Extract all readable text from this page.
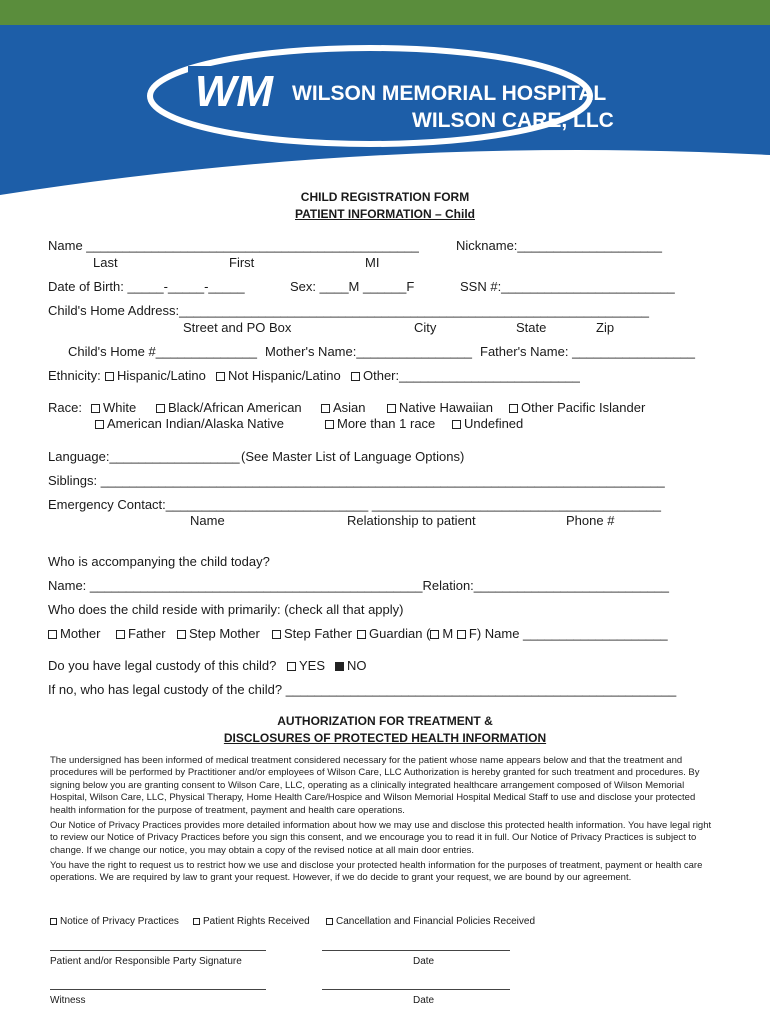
WM WILSON MEMORIAL HOSPITAL
WILSON CARE, LLC
CHILD REGISTRATION FORM
PATIENT INFORMATION – Child
Name ______________________________________________	Nickname:____________________
Last	First	MI
Date of Birth: _____-_____-_____	Sex: ____M ______F	SSN #:________________________
Child's Home Address:_________________________________________________________________
Street and PO Box	City	State	Zip
Child's Home #______________ Mother's Name:________________ Father's Name: _________________
Ethnicity:	Hispanic/Latino	Not Hispanic/Latino	Other:_________________________
Race:	White	Black/African American	Asian	Native Hawaiian	Other Pacific Islander
American Indian/Alaska Native	More than 1 race	Undefined
Language:__________________ (See Master List of Language Options)
Siblings: ______________________________________________________________________________
Emergency Contact:____________________________ ________________________________________
Name	Relationship to patient	Phone #
Who is accompanying the child today?
Name: ______________________________________________Relation:___________________________
Who does the child reside with primarily: (check all that apply)
Mother	Father	Step Mother	Step Father	Guardian ( M F) Name ____________________
Do you have legal custody of this child?	YES	NO
If no, who has legal custody of the child? ______________________________________________________
AUTHORIZATION FOR TREATMENT &
DISCLOSURES OF PROTECTED HEALTH INFORMATION

The undersigned has been informed of medical treatment considered necessary for the patient whose name appears below and that the treatment and procedures will be performed by Practitioner and/or employees of Wilson Care, LLC Authorization is hereby granted for such treatment and procedures. By signing below you are granting consent to Wilson Care, LLC, operating as a clinically integrated healthcare arrangement composed of Wilson Memorial Hospital, Wilson Care, LLC, Physical Therapy, Home Health Care/Hospice and Wilson Memorial Hospital Medical Staff to use and disclose your protected health information for the purpose of treatment, payment and health care operations.

Our Notice of Privacy Practices provides more detailed information about how we may use and disclose this protected health information. You have legal right to review our Notice of Privacy Practices before you sign this consent, and we encourage you to read it in full. Our Notice of Privacy Practices is subject to change. If we change our notice, you may obtain a copy of the revised notice at all main door entries.

You have the right to request us to restrict how we use and disclose your protected health information for the purposes of treatment, payment or health care operations. We are required by law to grant your request. However, if we do decide to grant your request, we are bound by our agreement.

Notice of Privacy Practices	Patient Rights Received	Cancellation and Financial Policies Received
Patient and/or Responsible Party Signature	Date
Witness	Date
